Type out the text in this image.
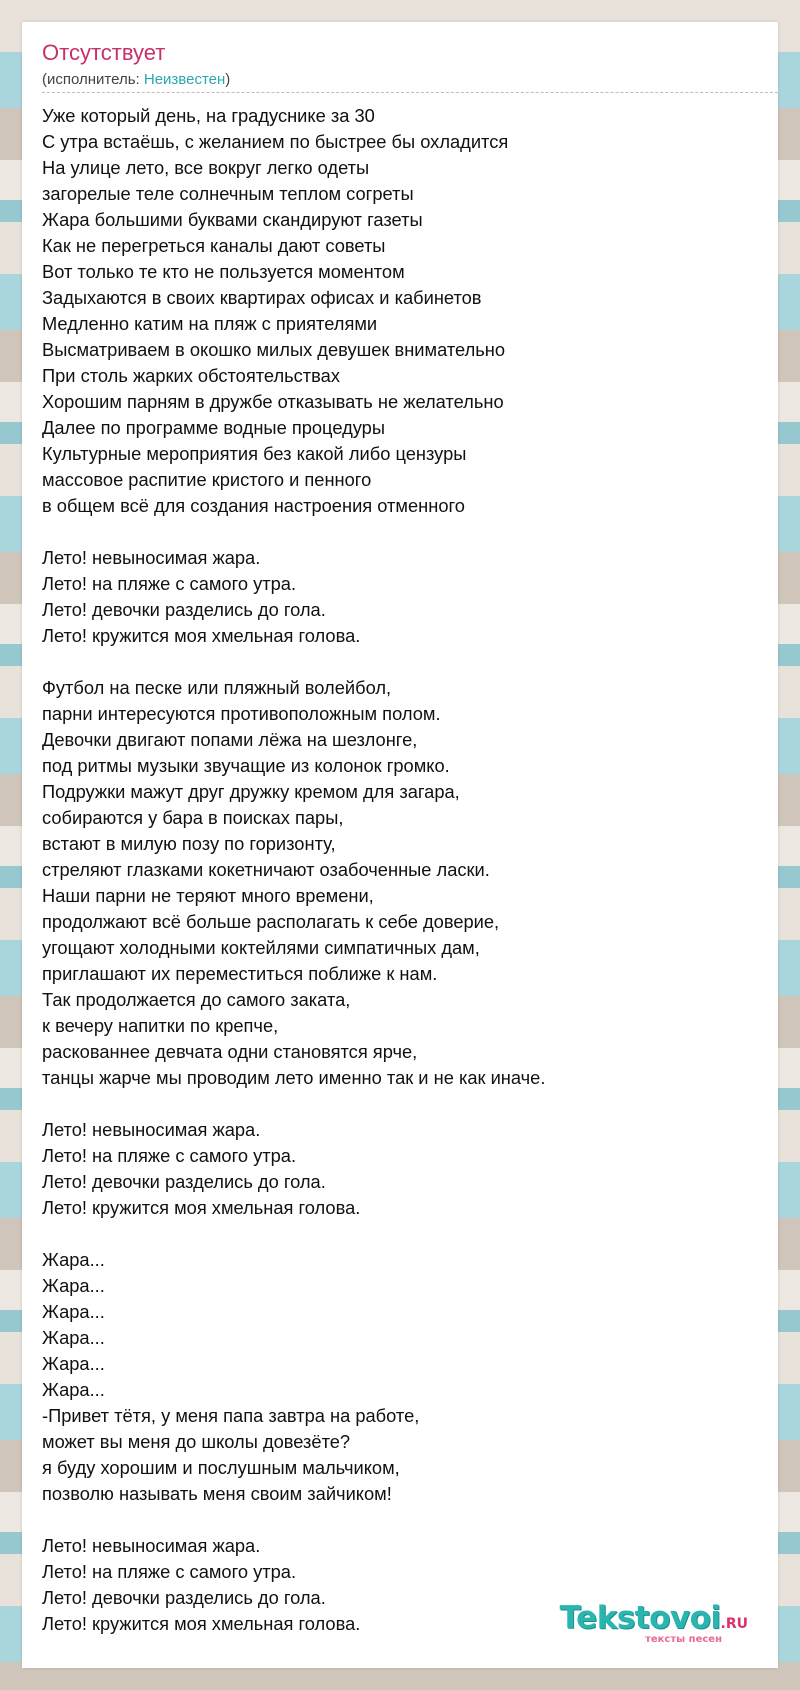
Отсутствует
(исполнитель: Неизвестен)
Уже который день, на градуснике за 30
С утра встаёшь, с желанием по быстрее бы охладится
На улице лето, все вокруг легко одеты
загорелые теле солнечным теплом согреты
Жара большими буквами скандируют газеты
Как не перегреться каналы дают советы
Вот только те кто не пользуется моментом
Задыхаются в своих квартирах офисах и кабинетов
Медленно катим на пляж с приятелями
Высматриваем в окошко милых девушек внимательно
При столь жарких обстоятельствах
Хорошим парням в дружбе отказывать не желательно
Далее по программе водные процедуры
Культурные мероприятия без какой либо цензуры
массовое распитие кристого и пенного
в общем всё для создания настроения отменного

Лето! невыносимая жара.
Лето! на пляже с самого утра.
Лето! девочки разделись до гола.
Лето! кружится моя хмельная голова.

Футбол на песке или пляжный волейбол,
парни интересуются противоположным полом.
Девочки двигают попами лёжа на шезлонге,
под ритмы музыки звучащие из колонок громко.
Подружки мажут друг дружку кремом для загара,
собираются у бара в поисках пары,
встают в милую позу по горизонту,
стреляют глазками кокетничают озабоченные ласки.
Наши парни не теряют много времени,
продолжают всё больше располагать к себе доверие,
угощают холодными коктейлями симпатичных дам,
приглашают их переместиться поближе к нам.
Так продолжается до самого заката,
к вечеру напитки по крепче,
раскованнее девчата одни становятся ярче,
танцы жарче мы проводим лето именно так и не как иначе.

Лето! невыносимая жара.
Лето! на пляже с самого утра.
Лето! девочки разделись до гола.
Лето! кружится моя хмельная голова.

Жара...
Жара...
Жара...
Жара...
Жара...
Жара...
-Привет тётя, у меня папа завтра на работе,
может вы меня до школы довезёте?
я буду хорошим и послушным мальчиком,
позволю называть меня своим зайчиком!

Лето! невыносимая жара.
Лето! на пляже с самого утра.
Лето! девочки разделись до гола.
Лето! кружится моя хмельная голова.	Tekstovoi.RU
тексты песен
